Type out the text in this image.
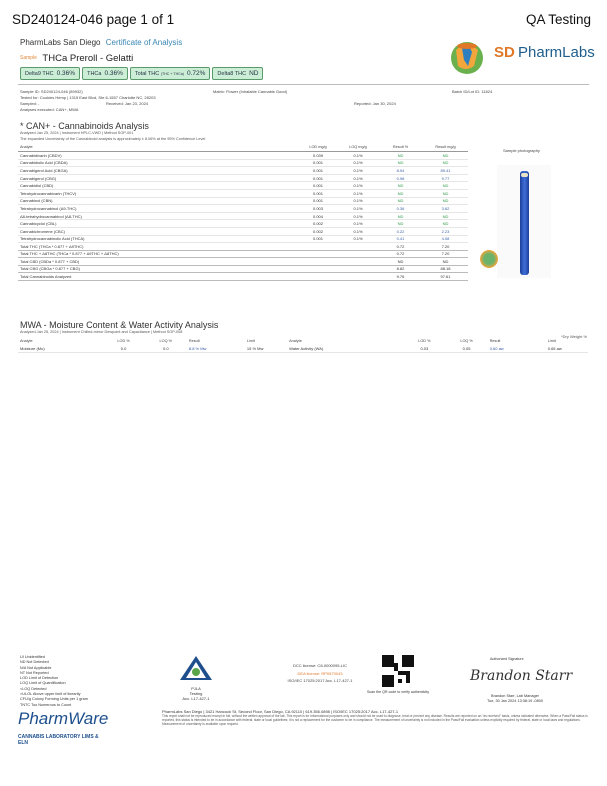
SD240124-046 page 1 of 1	QA Testing
PharmLabs San Diego Certificate of Analysis
Sample THCa Preroll - Gelatti
Delta9 THC 0.36%	THCa 0.36%	Total THC (THC + THCa) 0.72%	Delta8 THC ND
SD PharmLabs
Sample ID: SD240124-046 (89932)	Matrix: Flower (Inhalable Cannabis Good)	Batch ID/Lot ID: 11824
Tested for: Cookies Hemp | 1315 East Blvd, Ste 6-1557 Charlotte NC, 28203
Sampled: -	Received: Jan 23, 2024	Reported: Jan 30, 2024
Analyses executed: CAN+, MWA
* CAN+ - Cannabinoids Analysis
Analyzed Jan 25, 2024 | Instrument HPLC-VWD | Method SOP-001
The expanded Uncertainty of the Cannabinoid analysis is approximately ± 8.06% at the 95% Confidence Level
Analyte	LOD mg/g	LOQ mg/g	Result %	Result mg/g
Cannabidivarin (CBDV)	0.039	0.1%	ND	ND
Cannabidiolic Acid (CBDA)	0.001	0.1%	ND	ND
Cannabigerol Acid (CBGA)	0.001	0.1%	8.94	89.41
Cannabigerol (CBG)	0.001	0.1%	0.98	9.77
Cannabidiol (CBD)	0.001	0.1%	ND	ND
Tetrahydrocannabivarin (THCV)	0.001	0.1%	ND	ND
Cannabinol (CBN)	0.001	0.1%	ND	ND
Tetrahydrocannabinol (Δ9-THC)	0.003	0.1%	0.36	3.62
Δ8-tetrahydrocannabinol (Δ8-THC)	0.004	0.1%	ND	ND
Cannabicyclol (CBL)	0.002	0.1%	ND	ND
Cannabichromene (CBC)	0.002	0.1%	0.22	2.23
Tetrahydrocannabinolic Acid (THCA)	0.001	0.1%	0.41	4.08
Total THC (THCa * 0.877 + Δ9THC)			0.72	7.20
Total THC + Δ8THC (THCa * 0.877 + Δ9THC + Δ8THC)			0.72	7.20
Total CBD (CBDa * 0.877 + CBD)			ND	ND
Total CBG (CBGa * 0.877 + CBG)			8.82	88.18
Total Cannabinoids Analyzed			9.76	97.61
Sample photography
*Dry Weight %
MWA - Moisture Content & Water Activity Analysis
Analyzed Jan 25, 2024 | Instrument Chilled-mirror Dewpoint and Capacitance | Method SOP-008
Analyte	LOD %	LOQ %	Result	Limit	Analyte	LOD %	LOQ %	Result	Limit
Moisture (Mo)	0.0	0.0	8.8 % Mw	15 % Mw	Water Activity (WA)	0.03	0.05	0.60 aw	0.65 aw
UI Unidentified
ND Not Detected
N/A Not Applicable
NT Not Reported
LOD Limit of Detection
LOQ Limit of Quantification
<LOQ Detected
>ULOL Above upper limit of linearity
CFU/g Colony Forming Units per 1 gram
TNTC Too Numerous to Count
PJLA
Testing
Acc. L17-427-1
DCC license: C8-0000095-LIC
DEA license: RP0573043
ISO/IEC 17025:2017 Acc. L17-427-1
Scan the QR code to verify authenticity
Authorized Signature
Brandon Starr
Brandon Starr, Lab Manager
Tue, 30 Jan 2024 13:38:19 -0800
PharmWare
CANNABIS LABORATORY LIMS & ELN
PharmLabs San Diego | 3421 Hancock St, Second Floor, San Diego, CA 92110 | 619.356.0898 | ISO/IEC 17025:2017 Acc. L17-427-1
This report shall not be reproduced except in full, without the written approval of the lab. This report is for informational purposes only and should not be used to diagnose, treat or prevent any disease. Results are reported on an "as received" basis, unless indicated otherwise. When a Pass/Fail status is reported, this status is intended to be in accordance with federal, state or local guidelines; it is not a replacement for the customer to be in compliance. The measurement of uncertainty is not included in the Pass/Fail evaluation unless explicitly required by federal, state or local laws and regulations. Measurement of uncertainty is available upon request.
